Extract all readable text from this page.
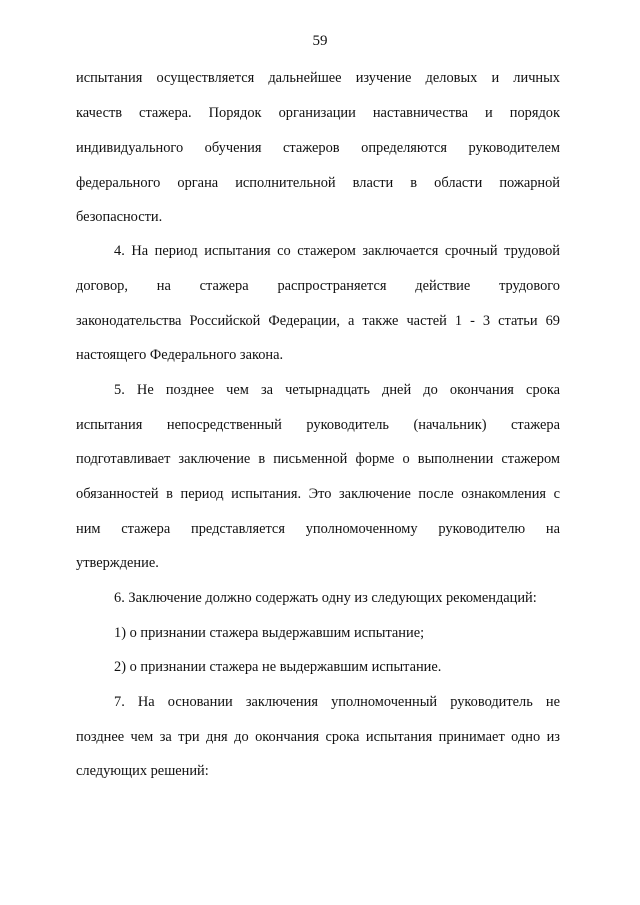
59
испытания осуществляется дальнейшее изучение деловых и личных
качеств стажера. Порядок организации наставничества и порядок
индивидуального обучения стажеров определяются руководителем
федерального органа исполнительной власти в области пожарной
безопасности.
4. На период испытания со стажером заключается срочный трудовой
договор, на стажера распространяется действие трудового
законодательства Российской Федерации, а также частей 1 - 3 статьи 69
настоящего Федерального закона.
5. Не позднее чем за четырнадцать дней до окончания срока
испытания непосредственный руководитель (начальник) стажера
подготавливает заключение в письменной форме о выполнении стажером
обязанностей в период испытания. Это заключение после ознакомления с
ним стажера представляется уполномоченному руководителю на
утверждение.
6. Заключение должно содержать одну из следующих рекомендаций:
1) о признании стажера выдержавшим испытание;
2) о признании стажера не выдержавшим испытание.
7. На основании заключения уполномоченный руководитель не
позднее чем за три дня до окончания срока испытания принимает одно из
следующих решений:
